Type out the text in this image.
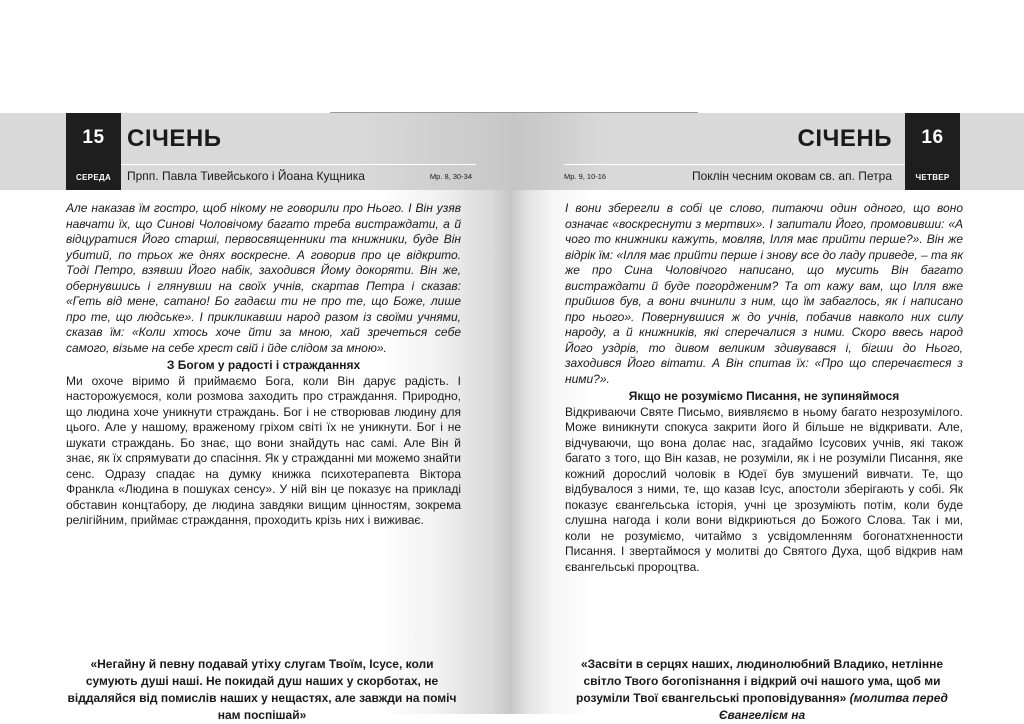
15
СЕРЕДА
СІЧЕНЬ
Прпп. Павла Тивейського і Йоана Кущника	Мр. 8, 30-34

Але наказав їм гостро, щоб нікому не говорили про Нього. І Він узяв навчати їх, що Синові Чоловічому багато треба вистраждати, а й відцуратися Його старші, первосвященники та книжники, буде Він убитий, по трьох же днях воскресне. А говорив про це відкрито. Тоді Петро, взявши Його набік, заходився Йому докоряти. Він же, обернувшись і глянувши на своїх учнів, скартав Петра і сказав: «Геть від мене, сатано! Бо гадаєш ти не про те, що Боже, лише про те, що людське». І прикликавши народ разом із своїми учнями, сказав їм: «Коли хтось хоче йти за мною, хай зречеться себе самого, візьме на себе хрест свій і йде слідом за мною».

З Богом у радості і стражданнях

Ми охоче віримо й приймаємо Бога, коли Він дарує радість. І насторожуємося, коли розмова заходить про страждання. Природно, що людина хоче уникнути страждань. Бог і не створював людину для цього. Але у нашому, враженому гріхом світі їх не уникнути. Бог і не шукати страждань. Бо знає, що вони знайдуть нас самі. Але Він й знає, як їх спрямувати до спасіння. Як у стражданні ми можемо знайти сенс. Одразу спадає на думку книжка психотерапевта Віктора Франкла «Людина в пошуках сенсу». У ній він це показує на прикладі обставин концтабору, де людина завдяки вищим цінностям, зокрема релігійним, приймає страждання, проходить крізь них і виживає.

«Негайну й певну подавай утіху слугам Твоїм, Ісусе, коли сумують душі наші. Не покидай душ наших у скорботах, не віддаляйся від помислів наших у нещастях, але завжди на поміч нам поспішай»
16
ЧЕТВЕР
СІЧЕНЬ
Поклін чесним оковам св. ап. Петра
Мр. 9, 10-16

І вони зберегли в собі це слово, питаючи один одного, що воно означає «воскреснути з мертвих». І запитали Його, промовивши: «А чого то книжники кажуть, мовляв, Ілля має прийти перше?». Він же відрік їм: «Ілля має прийти перше і знову все до ладу приведе, – та як же про Сина Чоловічого написано, що мусить Він багато вистраждати й буде погордженим? Та от кажу вам, що Ілля вже прийшов був, а вони вчинили з ним, що їм забаглось, як і написано про нього». Повернувшися ж до учнів, побачив навколо них силу народу, а й книжників, які сперечалися з ними. Скоро ввесь народ Його уздрів, то дивом великим здивувався і, бігши до Нього, заходився Його вітати. А Він спитав їх: «Про що сперечаєтеся з ними?».

Якщо не розуміємо Писання, не зупиняймося

Відкриваючи Святе Письмо, виявляємо в ньому багато незрозумілого. Може виникнути спокуса закрити його й більше не відкривати. Але, відчуваючи, що вона долає нас, згадаймо Ісусових учнів, які також багато з того, що Він казав, не розуміли, як і не розуміли Писання, яке кожний дорослий чоловік в Юдеї був змушений вивчати. Те, що відбувалося з ними, те, що казав Ісус, апостоли зберігають у собі. Як показує євангельська історія, учні це зрозуміють потім, коли буде слушна нагода і коли вони відкриються до Божого Слова. Так і ми, коли не розуміємо, читаймо з усвідомленням богонатхненности Писання. І звертаймося у молитві до Святого Духа, щоб відкрив нам євангельські пророцтва.

«Засвіти в серцях наших, людинолюбний Владико, нетлінне світло Твого богопізнання і відкрий очі нашого ума, щоб ми розуміли Твої євангельські проповідування» (молитва перед Євангелієм на
